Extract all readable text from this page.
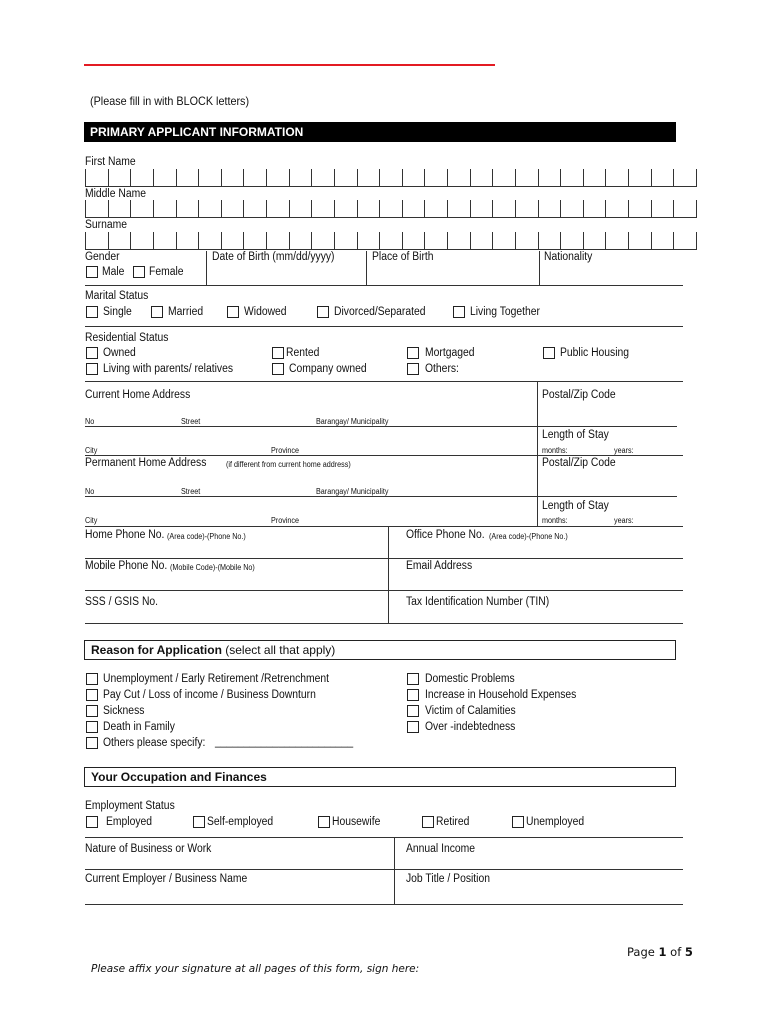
(Please fill in with BLOCK letters)
PRIMARY APPLICANT INFORMATION
First Name
Middle Name
Surname
Gender
Male Female
Date of Birth (mm/dd/yyyy)	Place of Birth	Nationality
Marital Status
Single	Married	Widowed	Divorced/Separated	Living Together
Residential Status
Owned	Rented	Mortgaged	Public Housing
Living with parents/ relatives	Company owned	Others:
Current Home Address	Postal/Zip Code
No	Street	Barangay/ Municipality
Length of Stay
City	Province	months:	years:
Permanent Home Address (if different from current home address)	Postal/Zip Code
No	Street	Barangay/ Municipality
Length of Stay
City	Province	months:	years:
Home Phone No. (Area code)-(Phone No.)	Office Phone No. (Area code)-(Phone No.)
Mobile Phone No. (Mobile Code)-(Mobile No)	Email Address
SSS / GSIS No.	Tax Identification Number (TIN)
Reason for Application (select all that apply)
Unemployment / Early Retirement /Retrenchment
Pay Cut / Loss of income / Business Downturn
Sickness
Death in Family
Others please specify: ________________________
Domestic Problems
Increase in Household Expenses
Victim of Calamities
Over -indebtedness
Your Occupation and Finances
Employment Status
Employed	Self-employed	Housewife	Retired	Unemployed
Nature of Business or Work	Annual Income
Current Employer / Business Name	Job Title / Position
Page 1 of 5
Please affix your signature at all pages of this form, sign here:
